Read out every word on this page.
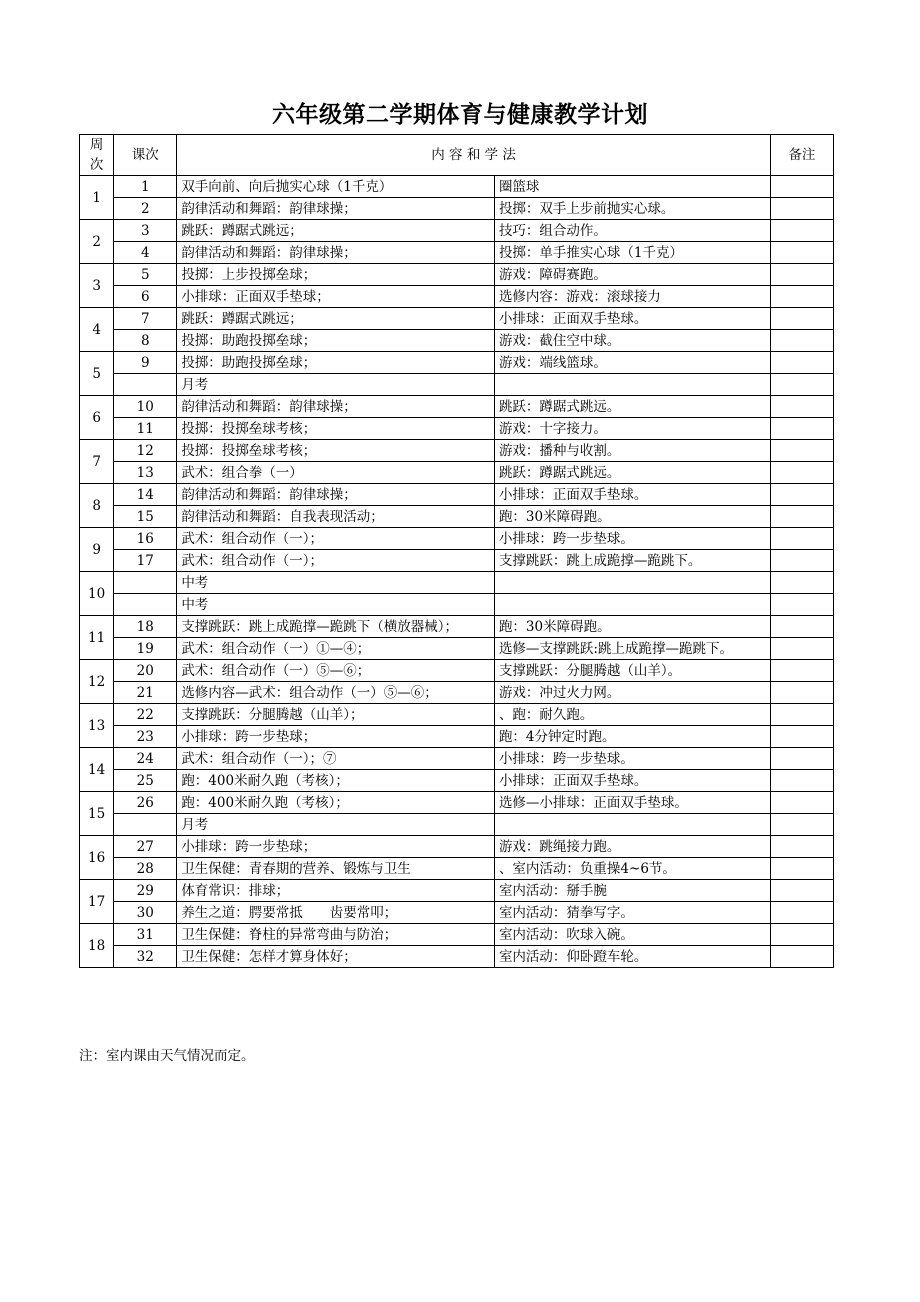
六年级第二学期体育与健康教学计划
周次	课次	内 容 和 学 法		备注
1	1	双手向前、向后抛实心球（1千克）	圈篮球	
	2	韵律活动和舞蹈：韵律球操；	投掷：双手上步前抛实心球。	
2	3	跳跃：蹲踞式跳远；	技巧：组合动作。	
	4	韵律活动和舞蹈：韵律球操；	投掷：单手推实心球（1千克）	
3	5	投掷：上步投掷垒球；	游戏：障碍赛跑。	
	6	小排球：正面双手垫球；	选修内容：游戏：滚球接力	
4	7	跳跃：蹲踞式跳远；	小排球：正面双手垫球。	
	8	投掷：助跑投掷垒球；	游戏：截住空中球。	
5	9	投掷：助跑投掷垒球；	游戏：端线篮球。	
		月考		
6	10	韵律活动和舞蹈：韵律球操；	跳跃：蹲踞式跳远。	
	11	投掷：投掷垒球考核；	游戏：十字接力。	
7	12	投掷：投掷垒球考核；	游戏：播种与收割。	
	13	武术：组合拳（一）	跳跃：蹲踞式跳远。	
8	14	韵律活动和舞蹈：韵律球操；	小排球：正面双手垫球。	
	15	韵律活动和舞蹈：自我表现活动；	跑：30米障碍跑。	
9	16	武术：组合动作（一）；	小排球：跨一步垫球。	
	17	武术：组合动作（一）；	支撑跳跃：跳上成跪撑—跪跳下。	
10		中考		
		中考		
11	18	支撑跳跃：跳上成跪撑—跪跳下（横放器械）；	跑：30米障碍跑。	
	19	武术：组合动作（一）①—④；	选修—支撑跳跃:跳上成跪撑—跪跳下。	
12	20	武术：组合动作（一）⑤—⑥；	支撑跳跃：分腿腾越（山羊）。	
	21	选修内容—武术：组合动作（一）⑤—⑥；	游戏：冲过火力网。	
13	22	支撑跳跃：分腿腾越（山羊）；	、跑：耐久跑。	
	23	小排球：跨一步垫球；	跑：4分钟定时跑。	
14	24	武术：组合动作（一）；⑦	小排球：跨一步垫球。	
	25	跑：400米耐久跑（考核）；	小排球：正面双手垫球。	
15	26	跑：400米耐久跑（考核）；	选修—小排球：正面双手垫球。	
		月考		
16	27	小排球：跨一步垫球；	游戏：跳绳接力跑。	
	28	卫生保健：青春期的营养、锻炼与卫生	、室内活动：负重操4~6节。	
17	29	体育常识：排球；	室内活动：掰手腕	
	30	养生之道：腭要常抵　　齿要常叩；	室内活动：猜拳写字。	
18	31	卫生保健：脊柱的异常弯曲与防治；	室内活动：吹球入碗。	
	32	卫生保健：怎样才算身体好；	室内活动：仰卧蹬车轮。	
注：室内课由天气情况而定。
